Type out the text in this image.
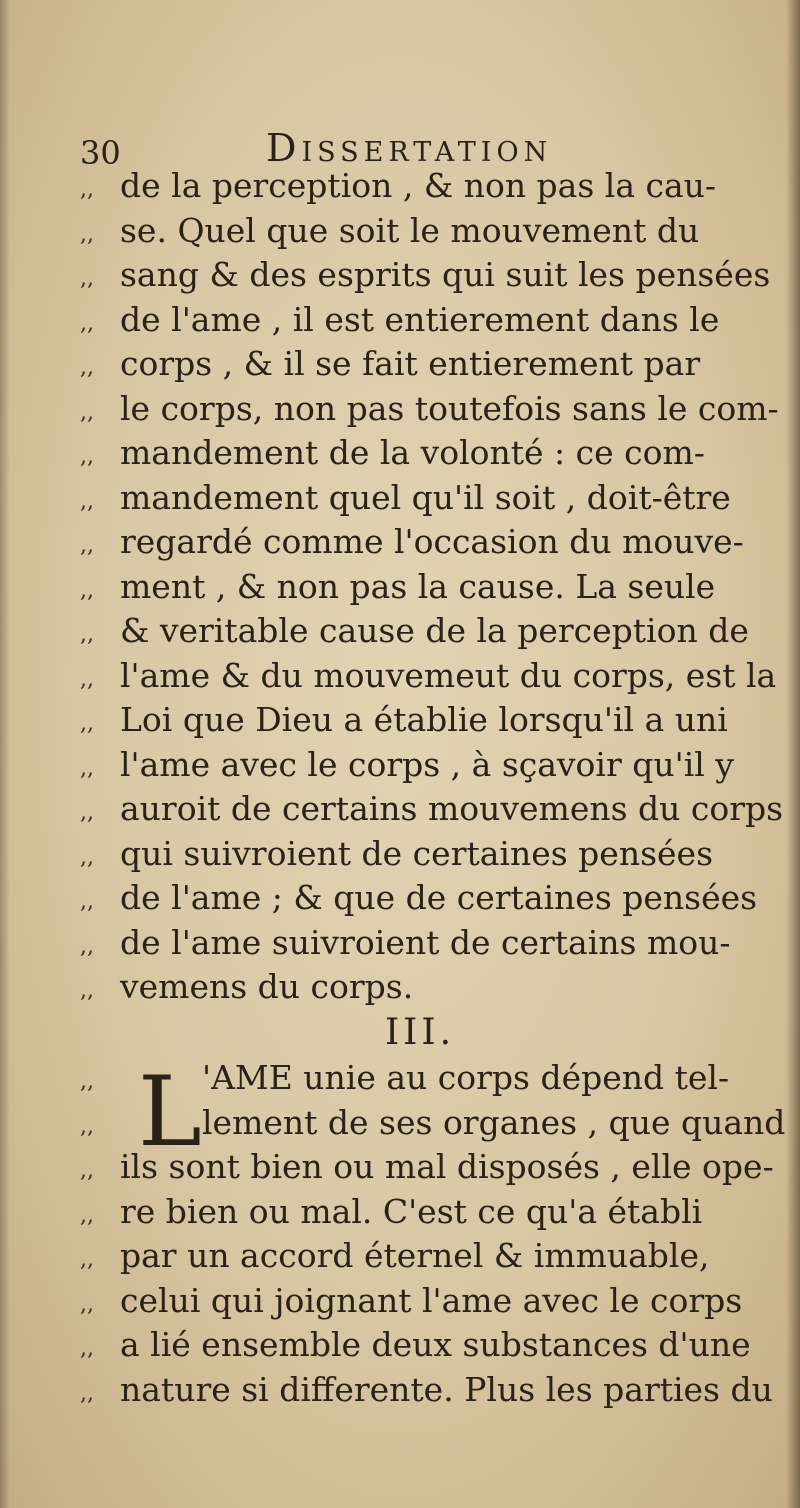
30	Dissertation
,, de la perception , & non pas la cau-
,, se. Quel que soit le mouvement du
,, sang & des esprits qui suit les pensées
,, de l'ame , il est entierement dans le
,, corps , & il se fait entierement par
,, le corps, non pas toutefois sans le com-
,, mandement de la volonté : ce com-
,, mandement quel qu'il soit , doit-être
,, regardé comme l'occasion du mouve-
,, ment , & non pas la cause. La seule
,, & veritable cause de la perception de
,, l'ame & du mouvemeut du corps, est la
,, Loi que Dieu a établie lorsqu'il a uni
,, l'ame avec le corps , à sçavoir qu'il y
,, auroit de certains mouvemens du corps
,, qui suivroient de certaines pensées
,, de l'ame ; & que de certaines pensées
,, de l'ame suivroient de certains mou-
,, vemens du corps.
III.
L
,,	'AME unie au corps dépend tel-
,,	lement de ses organes , que quand
,, ils sont bien ou mal disposés , elle ope-
,, re bien ou mal. C'est ce qu'a établi
,, par un accord éternel & immuable,
,, celui qui joignant l'ame avec le corps
,, a lié ensemble deux substances d'une
,, nature si differente. Plus les parties du
